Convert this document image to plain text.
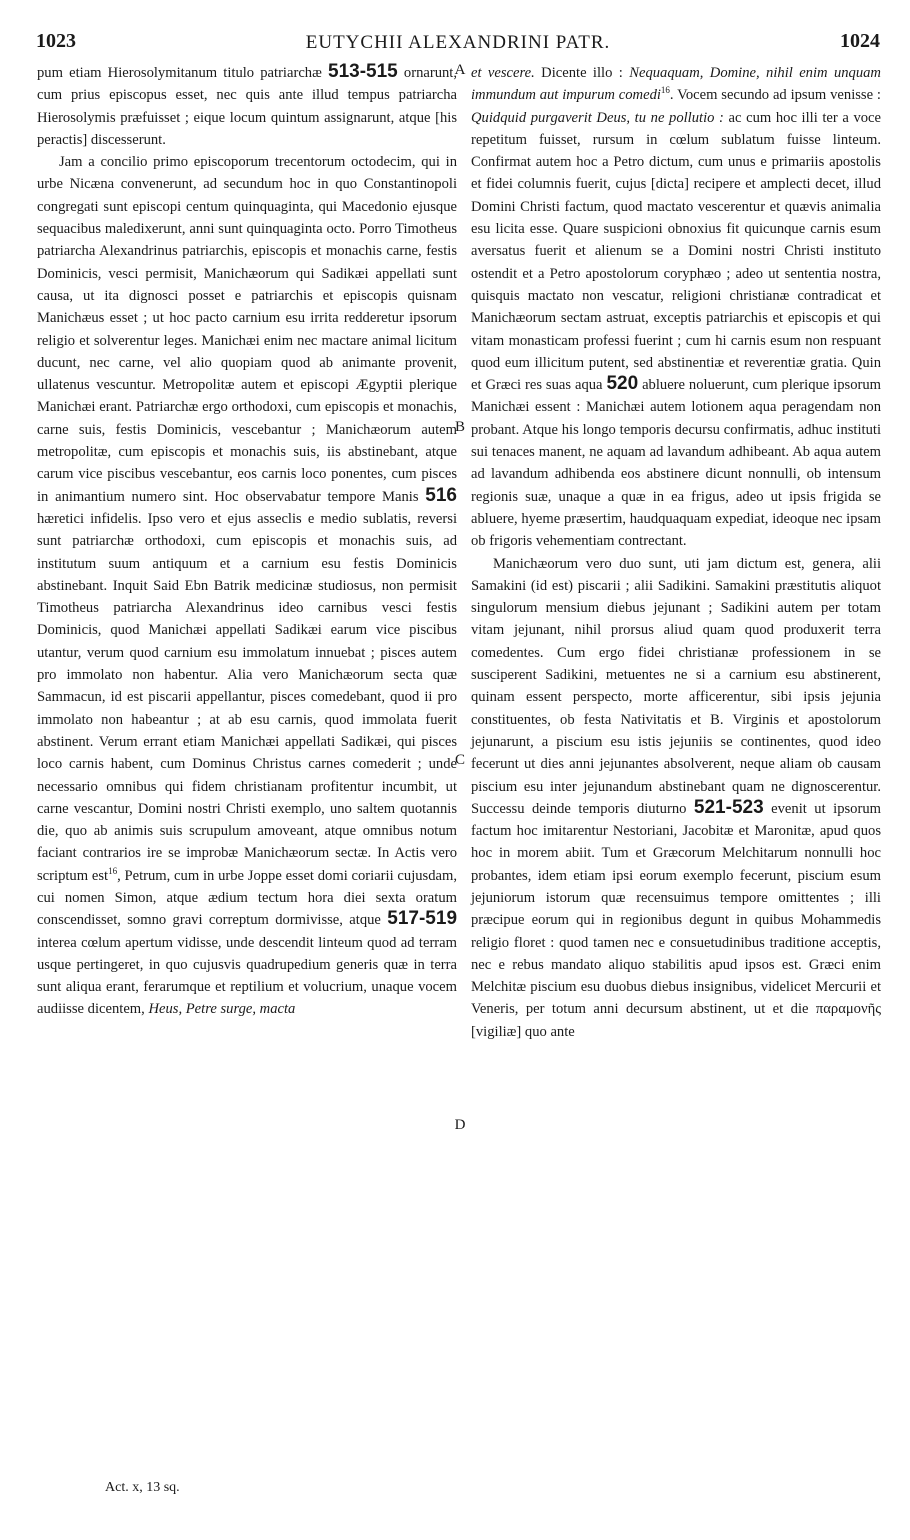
1023	EUTYCHII ALEXANDRINI PATR.	1024

pum etiam Hierosolymitanum titulo patriarchæ 513-515 ornarunt, cum prius episcopus esset, nec quis ante illud tempus patriarcha Hierosolymis præfuisset ; eique locum quintum assignarunt, atque [his peractis] discesserunt.

Jam a concilio primo episcoporum trecentorum octodecim, qui in urbe Nicæna convenerunt, ad secundum hoc in quo Constantinopoli congregati sunt episcopi centum quinquaginta, qui Macedonio ejusque sequacibus maledixerunt, anni sunt quinquaginta octo. Porro Timotheus patriarcha Alexandrinus patriarchis, episcopis et monachis carne, festis Dominicis, vesci permisit, Manichæorum qui Sadikæi appellati sunt causa, ut ita dignosci posset e patriarchis et episcopis quisnam Manichæus esset ; ut hoc pacto carnium esu irrita redderetur ipsorum religio et solverentur leges. Manichæi enim nec mactare animal licitum ducunt, nec carne, vel alio quopiam quod ab animante provenit, ullatenus vescuntur. Metropolitæ autem et episcopi Ægyptii plerique Manichæi erant. Patriarchæ ergo orthodoxi, cum episcopis et monachis, carne suis, festis Dominicis, vescebantur ; Manichæorum autem metropolitæ, cum episcopis et monachis suis, iis abstinebant, atque carum vice piscibus vescebantur, eos carnis loco ponentes, cum pisces in animantium numero sint. Hoc observabatur tempore Manis 516 hæretici infidelis. Ipso vero et ejus asseclis e medio sublatis, reversi sunt patriarchæ orthodoxi, cum episcopis et monachis suis, ad institutum suum antiquum et a carnium esu festis Dominicis abstinebant. Inquit Said Ebn Batrik medicinæ studiosus, non permisit Timotheus patriarcha Alexandrinus ideo carnibus vesci festis Dominicis, quod Manichæi appellati Sadikæi earum vice piscibus utantur, verum quod carnium esu immolatum innuebat ; pisces autem pro immolato non habentur. Alia vero Manichæorum secta quæ Sammacun, id est piscarii appellantur, pisces comedebant, quod ii pro immolato non habeantur ; at ab esu carnis, quod immolata fuerit abstinent. Verum errant etiam Manichæi appellati Sadikæi, qui pisces loco carnis habent, cum Dominus Christus carnes comederit ; unde necessario omnibus qui fidem christianam profitentur incumbit, ut carne vescantur, Domini nostri Christi exemplo, uno saltem quotannis die, quo ab animis suis scrupulum amoveant, atque omnibus notum faciant contrarios ire se improbæ Manichæorum sectæ. In Actis vero scriptum est$^{16}$, Petrum, cum in urbe Joppe esset domi coriarii cujusdam, cui nomen Simon, atque ædium tectum hora diei sexta oratum conscendisset, somno gravi correptum dormivisse, atque 517-519 interea cœlum apertum vidisse, unde descendit linteum quod ad terram usque pertingeret, in quo cujusvis quadrupedium generis quæ in terra sunt aliqua erant, ferarumque et reptilium et volucrium, unaque vocem audiisse dicentem, Heus, Petre surge, macta

A
B
C
D

et vescere. Dicente illo : Nequaquam, Domine, nihil enim unquam immundum aut impurum comedi$^{16}$. Vocem secundo ad ipsum venisse : Quidquid purgaverit Deus, tu ne pollutio : ac cum hoc illi ter a voce repetitum fuisset, rursum in cœlum sublatum fuisse linteum. Confirmat autem hoc a Petro dictum, cum unus e primariis apostolis et fidei columnis fuerit, cujus [dicta] recipere et amplecti decet, illud Domini Christi factum, quod mactato vescerentur et quævis animalia esu licita esse. Quare suspicioni obnoxius fit quicunque carnis esum aversatus fuerit et alienum se a Domini nostri Christi instituto ostendit et a Petro apostolorum coryphæo ; adeo ut sententia nostra, quisquis mactato non vescatur, religioni christianæ contradicat et Manichæorum sectam astruat, exceptis patriarchis et episcopis et qui vitam monasticam professi fuerint ; cum hi carnis esum non respuant quod eum illicitum putent, sed abstinentiæ et reverentiæ gratia. Quin et Græci res suas aqua 520 abluere noluerunt, cum plerique ipsorum Manichæi essent : Manichæi autem lotionem aqua peragendam non probant. Atque his longo temporis decursu confirmatis, adhuc instituti sui tenaces manent, ne aquam ad lavandum adhibeant. Ab aqua autem ad lavandum adhibenda eos abstinere dicunt nonnulli, ob intensum regionis suæ, unaque a quæ in ea frigus, adeo ut ipsis frigida se abluere, hyeme præsertim, haudquaquam expediat, ideoque nec ipsam ob frigoris vehementiam contrectant.

Manichæorum vero duo sunt, uti jam dictum est, genera, alii Samakini (id est) piscarii ; alii Sadikini. Samakini præstitutis aliquot singulorum mensium diebus jejunant ; Sadikini autem per totam vitam jejunant, nihil prorsus aliud quam quod produxerit terra comedentes. Cum ergo fidei christianæ professionem in se susciperent Sadikini, metuentes ne si a carnium esu abstinerent, quinam essent perspecto, morte afficerentur, sibi ipsis jejunia constituentes, ob festa Nativitatis et B. Virginis et apostolorum jejunarunt, a piscium esu istis jejuniis se continentes, quod ideo fecerunt ut dies anni jejunantes absolverent, neque aliam ob causam piscium esu inter jejunandum abstinebant quam ne dignoscerentur. Successu deinde temporis diuturno 521-523 evenit ut ipsorum factum hoc imitarentur Nestoriani, Jacobitæ et Maronitæ, apud quos hoc in morem abiit. Tum et Græcorum Melchitarum nonnulli hoc probantes, idem etiam ipsi eorum exemplo fecerunt, piscium esum jejuniorum istorum quæ recensuimus tempore omittentes ; illi præcipue eorum qui in regionibus degunt in quibus Mohammedis religio floret : quod tamen nec e consuetudinibus traditione acceptis, nec e rebus mandato aliquo stabilitis apud ipsos est. Græci enim Melchitæ piscium esu duobus diebus insignibus, videlicet Mercurii et Veneris, per totum anni decursum abstinent, ut et die παραμονῆς [vigiliæ] quo ante

Act. x, 13 sq.
